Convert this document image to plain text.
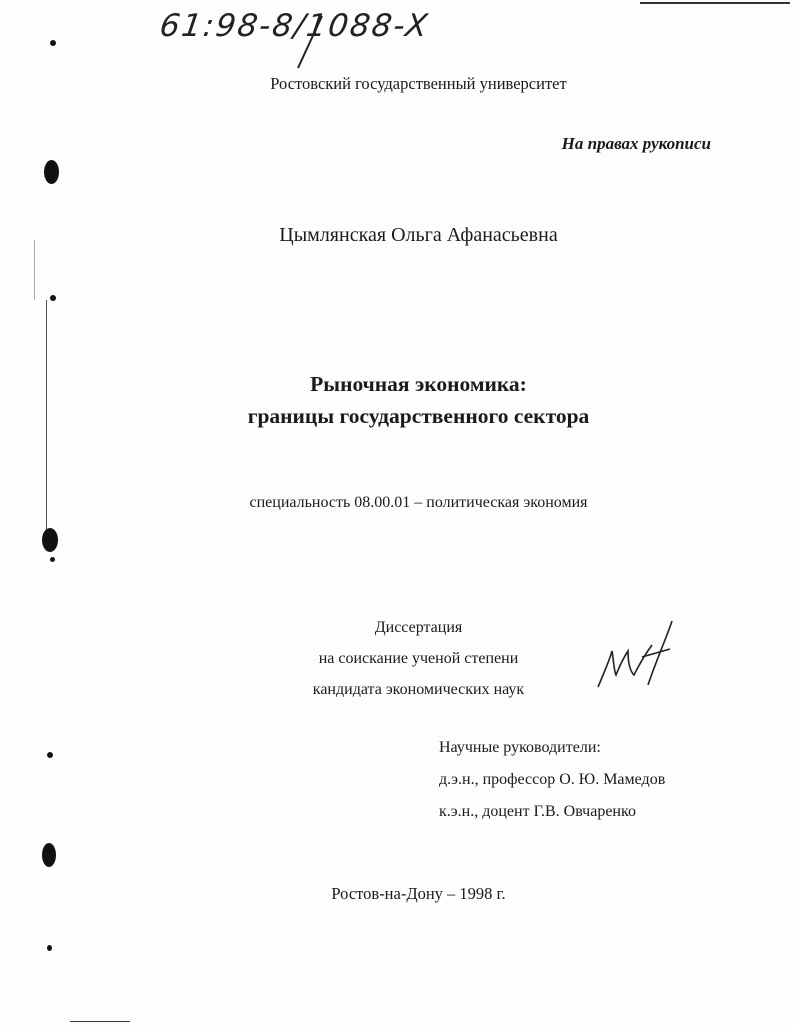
61:98-8/1088-X
Ростовский государственный университет
На правах рукописи
Цымлянская Ольга Афанасьевна
Рыночная экономика:
границы государственного сектора
специальность 08.00.01 – политическая экономия
Диссертация
на соискание ученой степени
кандидата экономических наук
Научные руководители:
д.э.н., профессор О. Ю. Мамедов
к.э.н., доцент Г.В. Овчаренко
Ростов-на-Дону – 1998 г.
